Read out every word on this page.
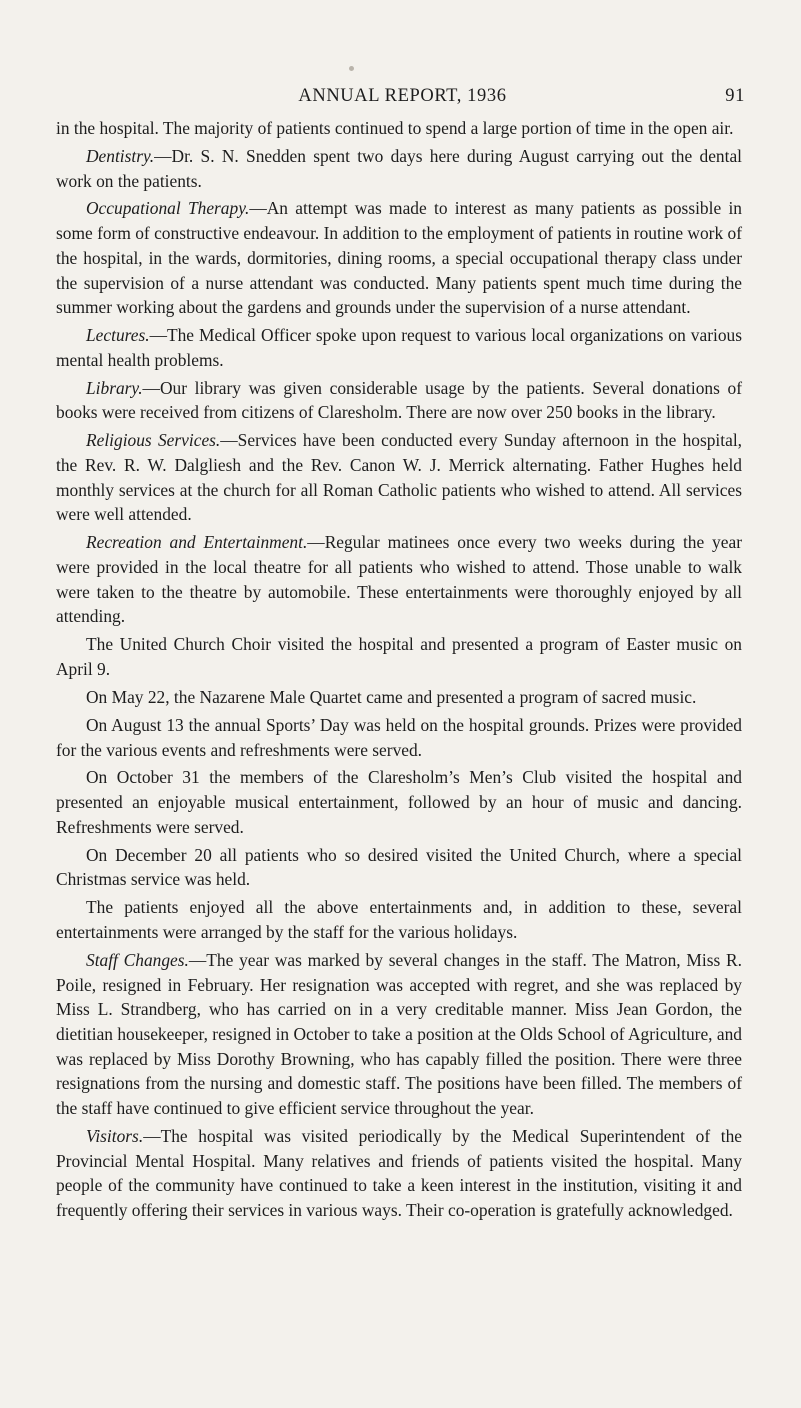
ANNUAL REPORT, 1936	91

in the hospital. The majority of patients continued to spend a large portion of time in the open air.

Dentistry.—Dr. S. N. Snedden spent two days here during August carrying out the dental work on the patients.

Occupational Therapy.—An attempt was made to interest as many patients as possible in some form of constructive endeavour. In addition to the employment of patients in routine work of the hospital, in the wards, dormitories, dining rooms, a special occupational therapy class under the supervision of a nurse attendant was conducted. Many patients spent much time during the summer working about the gardens and grounds under the supervision of a nurse attendant.

Lectures.—The Medical Officer spoke upon request to various local organizations on various mental health problems.

Library.—Our library was given considerable usage by the patients. Several donations of books were received from citizens of Claresholm. There are now over 250 books in the library.

Religious Services.—Services have been conducted every Sunday afternoon in the hospital, the Rev. R. W. Dalgliesh and the Rev. Canon W. J. Merrick alternating. Father Hughes held monthly services at the church for all Roman Catholic patients who wished to attend. All services were well attended.

Recreation and Entertainment.—Regular matinees once every two weeks during the year were provided in the local theatre for all patients who wished to attend. Those unable to walk were taken to the theatre by automobile. These entertainments were thoroughly enjoyed by all attending.

The United Church Choir visited the hospital and presented a program of Easter music on April 9.

On May 22, the Nazarene Male Quartet came and presented a program of sacred music.

On August 13 the annual Sports’ Day was held on the hospital grounds. Prizes were provided for the various events and refreshments were served.

On October 31 the members of the Claresholm’s Men’s Club visited the hospital and presented an enjoyable musical entertainment, followed by an hour of music and dancing. Refreshments were served.

On December 20 all patients who so desired visited the United Church, where a special Christmas service was held.

The patients enjoyed all the above entertainments and, in addition to these, several entertainments were arranged by the staff for the various holidays.

Staff Changes.—The year was marked by several changes in the staff. The Matron, Miss R. Poile, resigned in February. Her resignation was accepted with regret, and she was replaced by Miss L. Strandberg, who has carried on in a very creditable manner. Miss Jean Gordon, the dietitian housekeeper, resigned in October to take a position at the Olds School of Agriculture, and was replaced by Miss Dorothy Browning, who has capably filled the position. There were three resignations from the nursing and domestic staff. The positions have been filled. The members of the staff have continued to give efficient service throughout the year.

Visitors.—The hospital was visited periodically by the Medical Superintendent of the Provincial Mental Hospital. Many relatives and friends of patients visited the hospital. Many people of the community have continued to take a keen interest in the institution, visiting it and frequently offering their services in various ways. Their co-operation is gratefully acknowledged.
